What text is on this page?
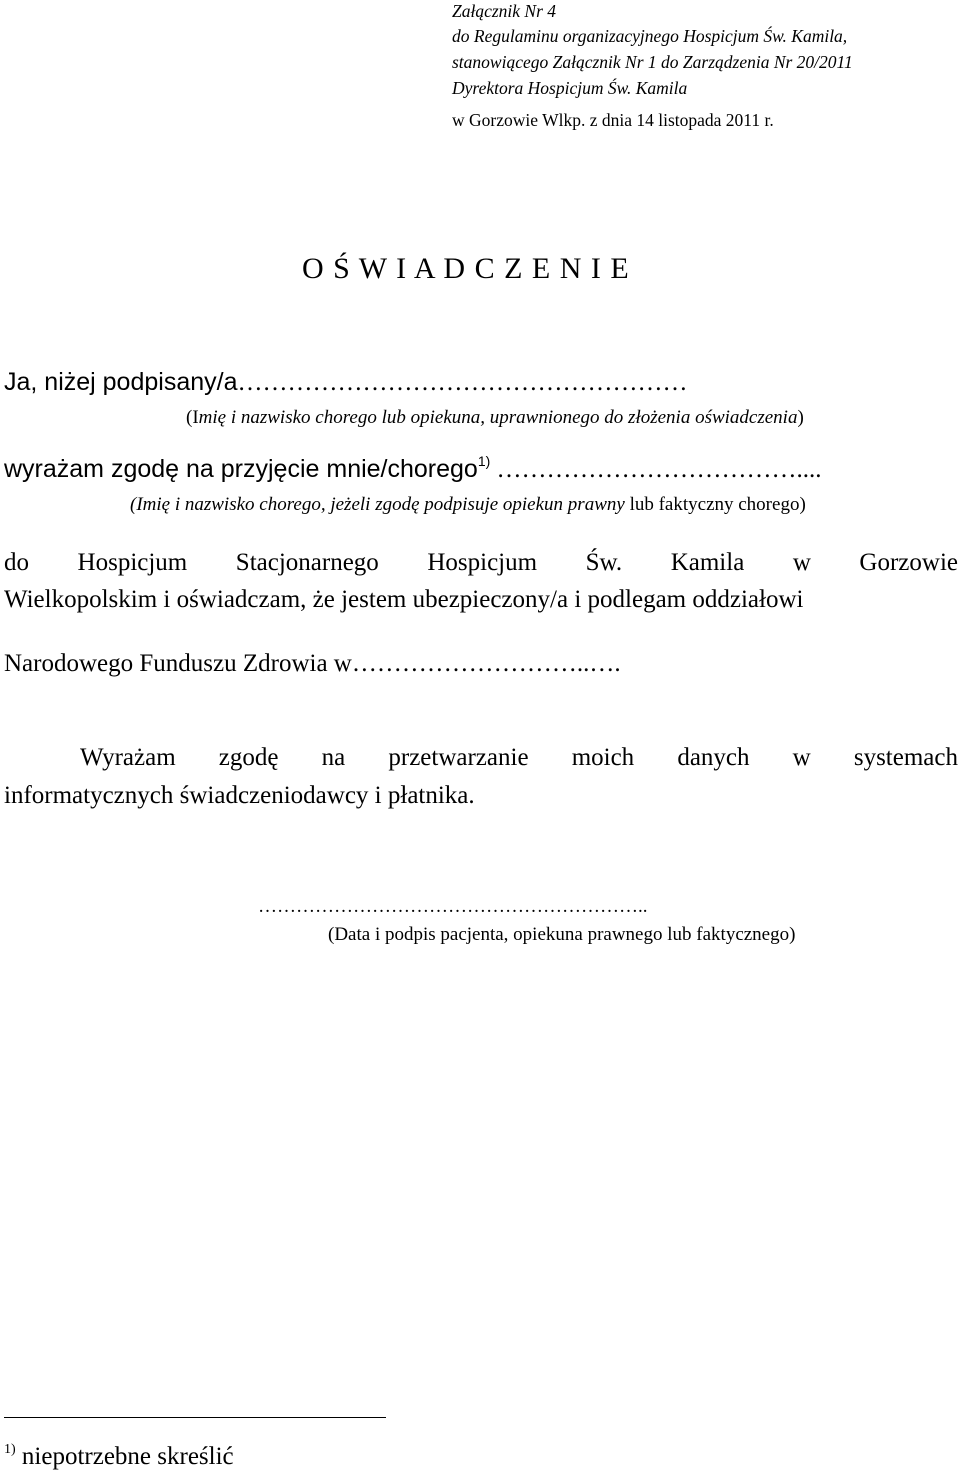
Załącznik Nr 4
do Regulaminu organizacyjnego Hospicjum Św. Kamila,
stanowiącego Załącznik Nr 1 do Zarządzenia Nr 20/2011
Dyrektora Hospicjum Św. Kamila
w Gorzowie Wlkp. z dnia 14 listopada 2011 r.
O Ś W I A D C Z E N I E
Ja, niżej podpisany/a………………………………………………
(Imię i nazwisko chorego lub opiekuna, uprawnionego do złożenia oświadczenia)
wyrażam zgodę na przyjęcie mnie/chorego$^{1)}$ ………………………………....
(Imię i nazwisko chorego, jeżeli zgodę podpisuje opiekun prawny lub faktyczny chorego)
do Hospicjum Stacjonarnego Hospicjum Św. Kamila w Gorzowie
Wielkopolskim i oświadczam, że jestem ubezpieczony/a i podlegam oddziałowi
Narodowego Funduszu Zdrowia w………………………..….
Wyrażam zgodę na przetwarzanie moich danych w systemach
informatycznych świadczeniodawcy i płatnika.
……………………………………………………..
(Data i podpis pacjenta, opiekuna prawnego lub faktycznego)
$^{1)}$ niepotrzebne skreślić
